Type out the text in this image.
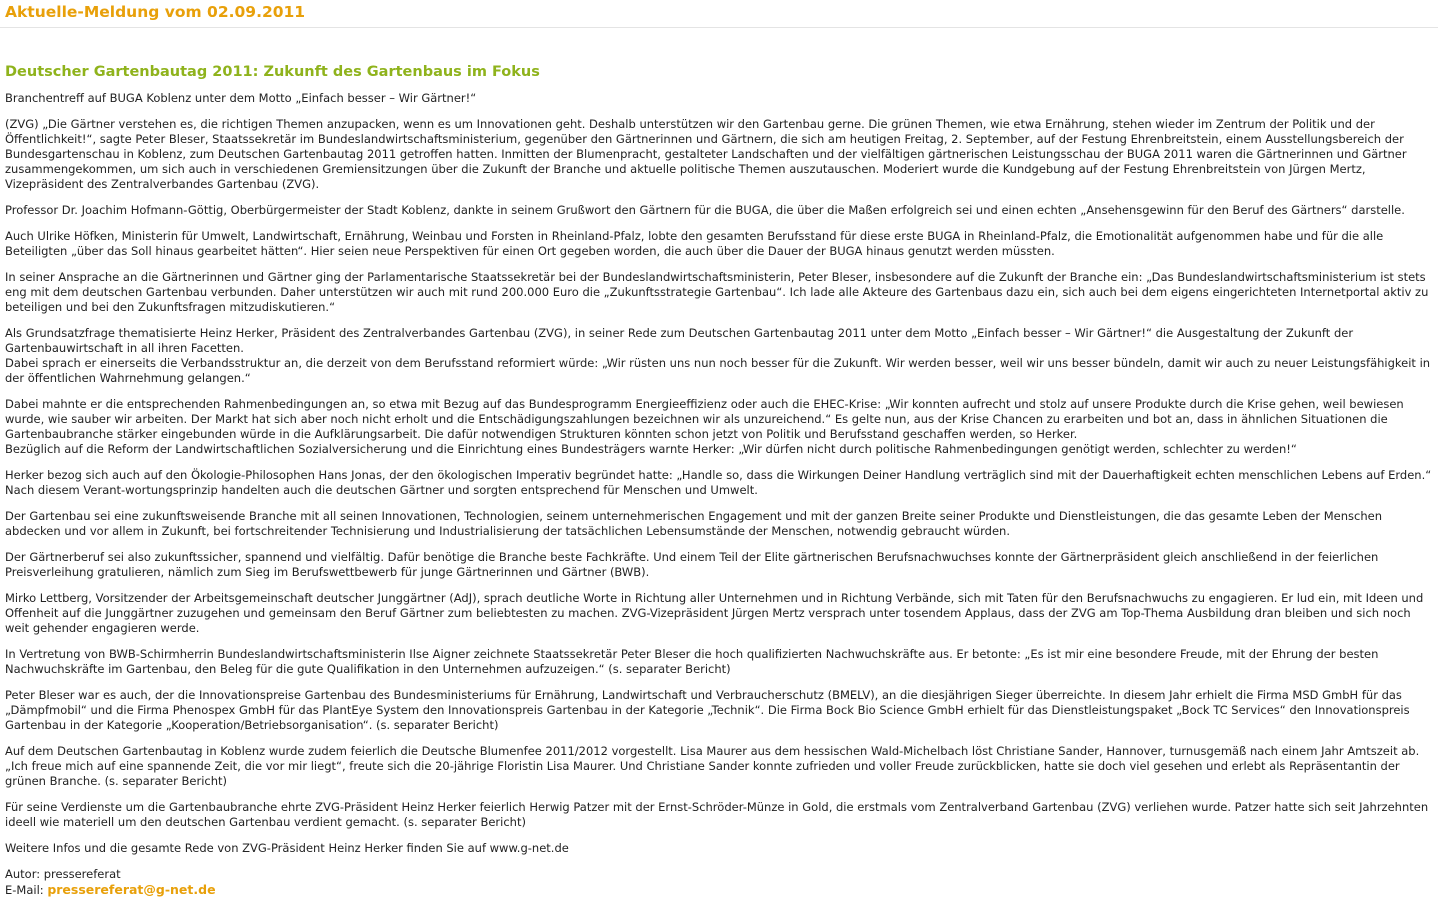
Aktuelle-Meldung vom 02.09.2011
Deutscher Gartenbautag 2011: Zukunft des Gartenbaus im Fokus

Branchentreff auf BUGA Koblenz unter dem Motto „Einfach besser – Wir Gärtner!“

(ZVG) „Die Gärtner verstehen es, die richtigen Themen anzupacken, wenn es um Innovationen geht. Deshalb unterstützen wir den Gartenbau gerne. Die grünen Themen, wie etwa Ernährung, stehen wieder im Zentrum der Politik und der Öffentlichkeit!“, sagte Peter Bleser, Staatssekretär im Bundeslandwirtschaftsministerium, gegenüber den Gärtnerinnen und Gärtnern, die sich am heutigen Freitag, 2. September, auf der Festung Ehrenbreitstein, einem Ausstellungsbereich der Bundesgartenschau in Koblenz, zum Deutschen Gartenbautag 2011 getroffen hatten. Inmitten der Blumenpracht, gestalteter Landschaften und der vielfältigen gärtnerischen Leistungsschau der BUGA 2011 waren die Gärtnerinnen und Gärtner zusammengekommen, um sich auch in verschiedenen Gremiensitzungen über die Zukunft der Branche und aktuelle politische Themen auszutauschen. Moderiert wurde die Kundgebung auf der Festung Ehrenbreitstein von Jürgen Mertz, Vizepräsident des Zentralverbandes Gartenbau (ZVG).

Professor Dr. Joachim Hofmann-Göttig, Oberbürgermeister der Stadt Koblenz, dankte in seinem Grußwort den Gärtnern für die BUGA, die über die Maßen erfolgreich sei und einen echten „Ansehensgewinn für den Beruf des Gärtners“ darstelle.

Auch Ulrike Höfken, Ministerin für Umwelt, Landwirtschaft, Ernährung, Weinbau und Forsten in Rheinland-Pfalz, lobte den gesamten Berufsstand für diese erste BUGA in Rheinland-Pfalz, die Emotionalität aufgenommen habe und für die alle Beteiligten „über das Soll hinaus gearbeitet hätten“. Hier seien neue Perspektiven für einen Ort gegeben worden, die auch über die Dauer der BUGA hinaus genutzt werden müssten.

In seiner Ansprache an die Gärtnerinnen und Gärtner ging der Parlamentarische Staatssekretär bei der Bundeslandwirtschaftsministerin, Peter Bleser, insbesondere auf die Zukunft der Branche ein: „Das Bundeslandwirtschaftsministerium ist stets eng mit dem deutschen Gartenbau verbunden. Daher unterstützen wir auch mit rund 200.000 Euro die „Zukunftsstrategie Gartenbau“. Ich lade alle Akteure des Gartenbaus dazu ein, sich auch bei dem eigens eingerichteten Internetportal aktiv zu beteiligen und bei den Zukunftsfragen mitzudiskutieren.“

Als Grundsatzfrage thematisierte Heinz Herker, Präsident des Zentralverbandes Gartenbau (ZVG), in seiner Rede zum Deutschen Gartenbautag 2011 unter dem Motto „Einfach besser – Wir Gärtner!“ die Ausgestaltung der Zukunft der Gartenbauwirtschaft in all ihren Facetten.
Dabei sprach er einerseits die Verbandsstruktur an, die derzeit von dem Berufsstand reformiert würde: „Wir rüsten uns nun noch besser für die Zukunft. Wir werden besser, weil wir uns besser bündeln, damit wir auch zu neuer Leistungsfähigkeit in der öffentlichen Wahrnehmung gelangen.“

Dabei mahnte er die entsprechenden Rahmenbedingungen an, so etwa mit Bezug auf das Bundesprogramm Energieeffizienz oder auch die EHEC-Krise: „Wir konnten aufrecht und stolz auf unsere Produkte durch die Krise gehen, weil bewiesen wurde, wie sauber wir arbeiten. Der Markt hat sich aber noch nicht erholt und die Entschädigungszahlungen bezeichnen wir als unzureichend.“ Es gelte nun, aus der Krise Chancen zu erarbeiten und bot an, dass in ähnlichen Situationen die Gartenbaubranche stärker eingebunden würde in die Aufklärungsarbeit. Die dafür notwendigen Strukturen könnten schon jetzt von Politik und Berufsstand geschaffen werden, so Herker.
Bezüglich auf die Reform der Landwirtschaftlichen Sozialversicherung und die Einrichtung eines Bundesträgers warnte Herker: „Wir dürfen nicht durch politische Rahmenbedingungen genötigt werden, schlechter zu werden!“

Herker bezog sich auch auf den Ökologie-Philosophen Hans Jonas, der den ökologischen Imperativ begründet hatte: „Handle so, dass die Wirkungen Deiner Handlung verträglich sind mit der Dauerhaftigkeit echten menschlichen Lebens auf Erden.“ Nach diesem Verant-wortungsprinzip handelten auch die deutschen Gärtner und sorgten entsprechend für Menschen und Umwelt.

Der Gartenbau sei eine zukunftsweisende Branche mit all seinen Innovationen, Technologien, seinem unternehmerischen Engagement und mit der ganzen Breite seiner Produkte und Dienstleistungen, die das gesamte Leben der Menschen abdecken und vor allem in Zukunft, bei fortschreitender Technisierung und Industrialisierung der tatsächlichen Lebensumstände der Menschen, notwendig gebraucht würden.

Der Gärtnerberuf sei also zukunftssicher, spannend und vielfältig. Dafür benötige die Branche beste Fachkräfte. Und einem Teil der Elite gärtnerischen Berufsnachwuchses konnte der Gärtnerpräsident gleich anschließend in der feierlichen Preisverleihung gratulieren, nämlich zum Sieg im Berufswettbewerb für junge Gärtnerinnen und Gärtner (BWB).

Mirko Lettberg, Vorsitzender der Arbeitsgemeinschaft deutscher Junggärtner (AdJ), sprach deutliche Worte in Richtung aller Unternehmen und in Richtung Verbände, sich mit Taten für den Berufsnachwuchs zu engagieren. Er lud ein, mit Ideen und Offenheit auf die Junggärtner zuzugehen und gemeinsam den Beruf Gärtner zum beliebtesten zu machen. ZVG-Vizepräsident Jürgen Mertz versprach unter tosendem Applaus, dass der ZVG am Top-Thema Ausbildung dran bleiben und sich noch weit gehender engagieren werde.

In Vertretung von BWB-Schirmherrin Bundeslandwirtschaftsministerin Ilse Aigner zeichnete Staatssekretär Peter Bleser die hoch qualifizierten Nachwuchskräfte aus. Er betonte: „Es ist mir eine besondere Freude, mit der Ehrung der besten Nachwuchskräfte im Gartenbau, den Beleg für die gute Qualifikation in den Unternehmen aufzuzeigen.“ (s. separater Bericht)

Peter Bleser war es auch, der die Innovationspreise Gartenbau des Bundesministeriums für Ernährung, Landwirtschaft und Verbraucherschutz (BMELV), an die diesjährigen Sieger überreichte. In diesem Jahr erhielt die Firma MSD GmbH für das „Dämpfmobil“ und die Firma Phenospex GmbH für das PlantEye System den Innovationspreis Gartenbau in der Kategorie „Technik“. Die Firma Bock Bio Science GmbH erhielt für das Dienstleistungspaket „Bock TC Services“ den Innovationspreis Gartenbau in der Kategorie „Kooperation/Betriebsorganisation“. (s. separater Bericht)

Auf dem Deutschen Gartenbautag in Koblenz wurde zudem feierlich die Deutsche Blumenfee 2011/2012 vorgestellt. Lisa Maurer aus dem hessischen Wald-Michelbach löst Christiane Sander, Hannover, turnusgemäß nach einem Jahr Amtszeit ab. „Ich freue mich auf eine spannende Zeit, die vor mir liegt“, freute sich die 20-jährige Floristin Lisa Maurer. Und Christiane Sander konnte zufrieden und voller Freude zurückblicken, hatte sie doch viel gesehen und erlebt als Repräsentantin der grünen Branche. (s. separater Bericht)

Für seine Verdienste um die Gartenbaubranche ehrte ZVG-Präsident Heinz Herker feierlich Herwig Patzer mit der Ernst-Schröder-Münze in Gold, die erstmals vom Zentralverband Gartenbau (ZVG) verliehen wurde. Patzer hatte sich seit Jahrzehnten ideell wie materiell um den deutschen Gartenbau verdient gemacht. (s. separater Bericht)

Weitere Infos und die gesamte Rede von ZVG-Präsident Heinz Herker finden Sie auf www.g-net.de

Autor: pressereferat

E-Mail: pressereferat@g-net.de
